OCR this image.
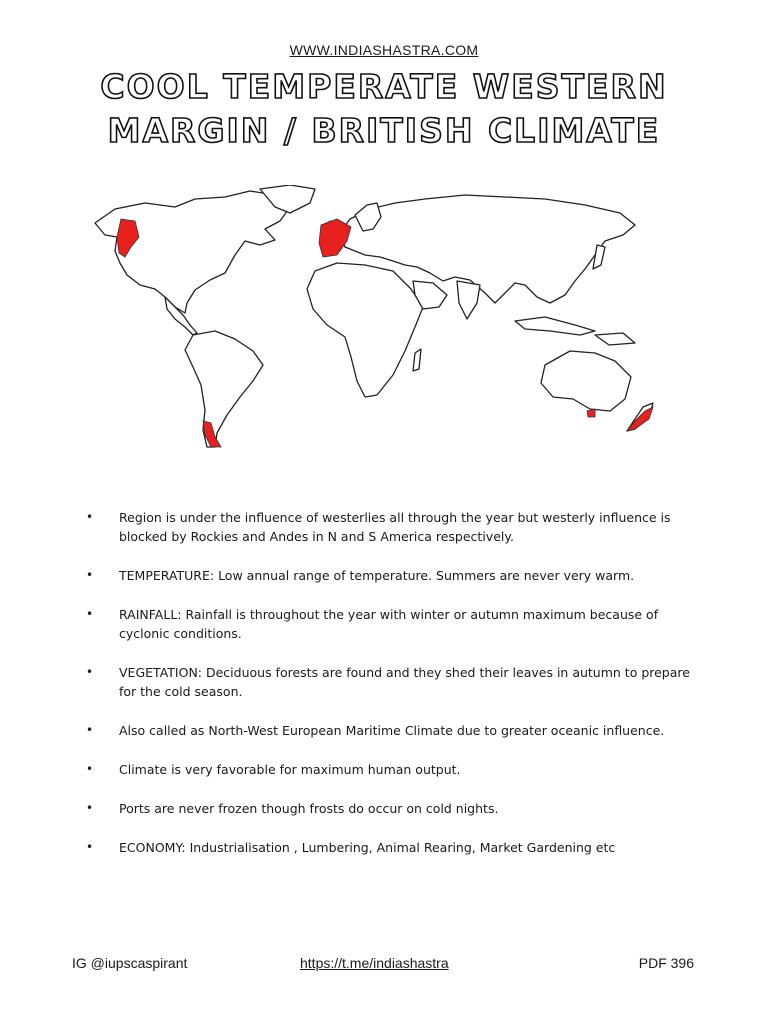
WWW.INDIASHASTRA.COM
COOL TEMPERATE WESTERN
MARGIN / BRITISH CLIMATE
• Region is under the influence of westerlies all through the year but westerly influence is blocked by Rockies and Andes in N and S America respectively.
• TEMPERATURE: Low annual range of temperature. Summers are never very warm.
• RAINFALL: Rainfall is throughout the year with winter or autumn maximum because of cyclonic conditions.
• VEGETATION: Deciduous forests are found and they shed their leaves in autumn to prepare for the cold season.
• Also called as North-West European Maritime Climate due to greater oceanic influence.
• Climate is very favorable for maximum human output.
• Ports are never frozen though frosts do occur on cold nights.
• ECONOMY: Industrialisation , Lumbering, Animal Rearing, Market Gardening etc
IG @iupscaspirant	https://t.me/indiashastra	PDF 396
